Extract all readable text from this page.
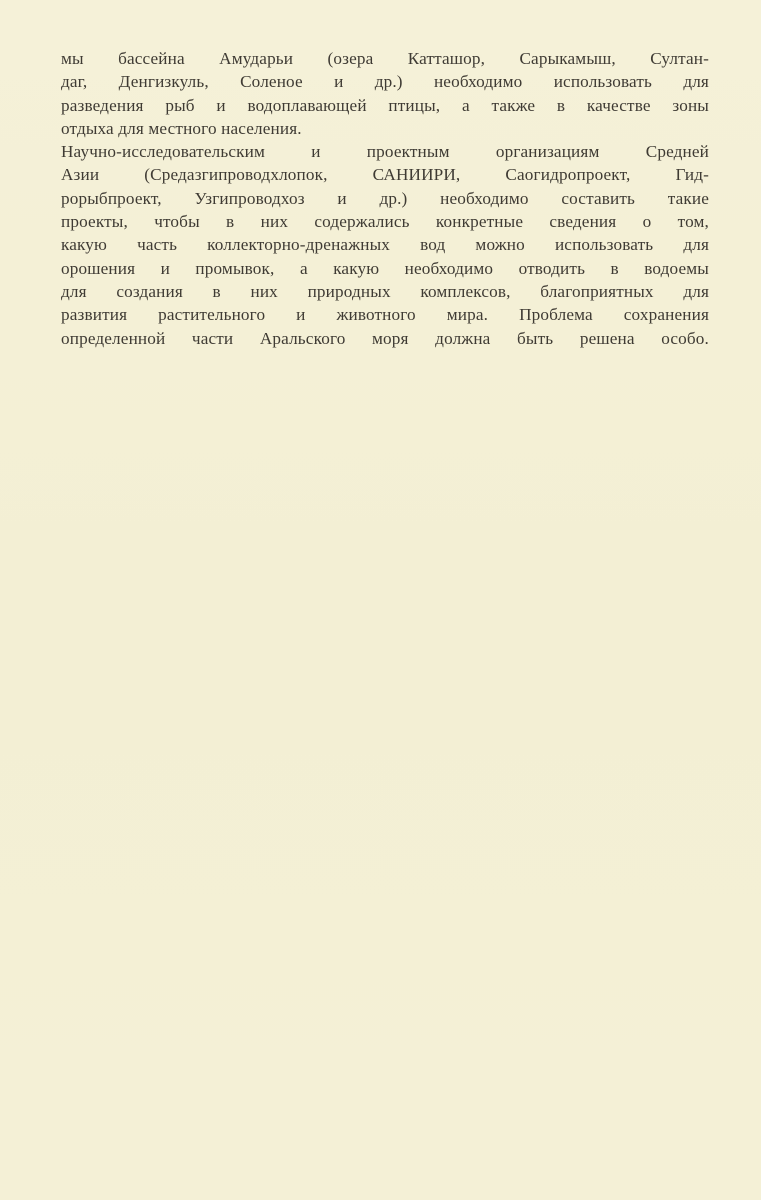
мы бассейна Амударьи (озера Катташор, Сарыкамыш, Султан-
даг, Денгизкуль, Соленое и др.) необходимо использовать для
разведения рыб и водоплавающей птицы, а также в качестве зоны
отдыха для местного населения.
Научно-исследовательским и проектным организациям Средней
Азии (Средазгипроводхлопок, САНИИРИ, Саогидропроект, Гид-
рорыбпроект, Узгипроводхоз и др.) необходимо составить такие
проекты, чтобы в них содержались конкретные сведения о том,
какую часть коллекторно-дренажных вод можно использовать для
орошения и промывок, а какую необходимо отводить в водоемы
для создания в них природных комплексов, благоприятных для
развития растительного и животного мира. Проблема сохранения
определенной части Аральского моря должна быть решена особо.
